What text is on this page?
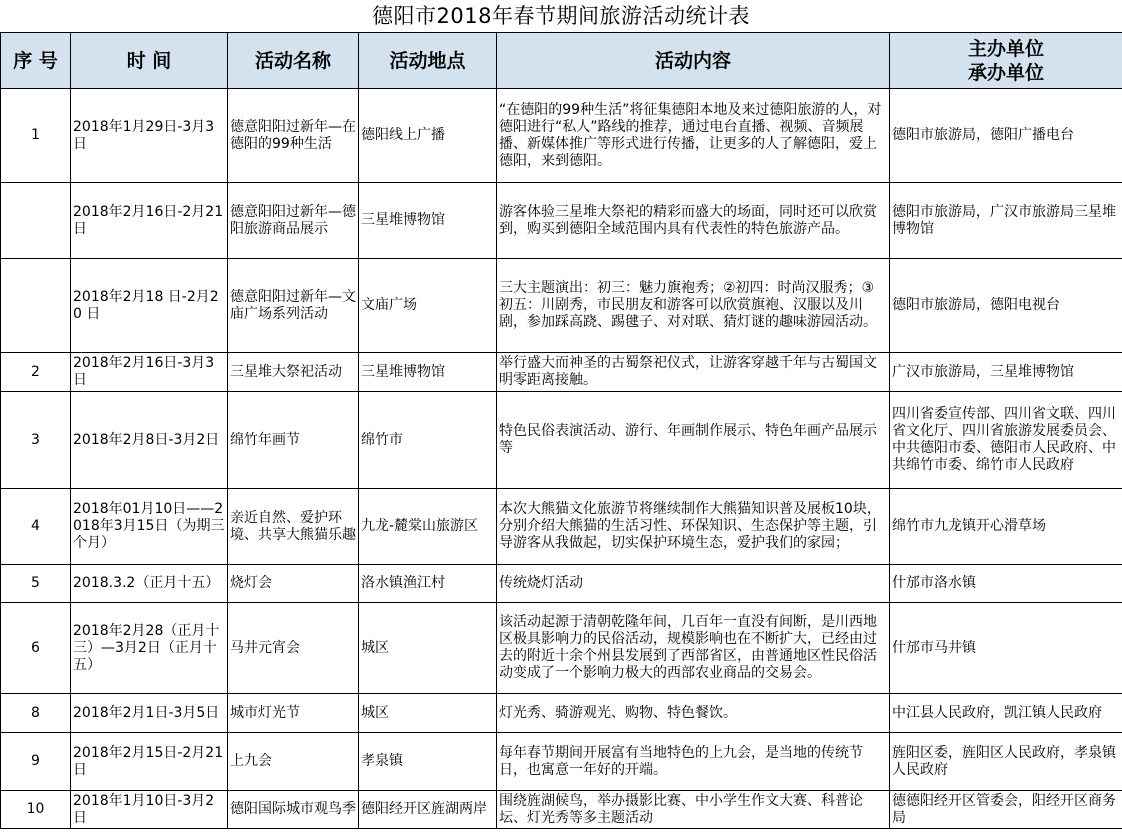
德阳市2018年春节期间旅游活动统计表
序 号	时 间	活动名称	活动地点	活动内容	主办单位
承办单位

1	2018年1月29日-3月3日	德意阳阳过新年—在德阳的99种生活	德阳线上广播	“在德阳的99种生活”将征集德阳本地及来过德阳旅游的人，对德阳进行“私人”路线的推荐，通过电台直播、视频、音频展播、新媒体推广等形式进行传播，让更多的人了解德阳，爱上德阳，来到德阳。	德阳市旅游局，德阳广播电台
	2018年2月16日-2月21日	德意阳阳过新年—德阳旅游商品展示	三星堆博物馆	游客体验三星堆大祭祀的精彩而盛大的场面，同时还可以欣赏到，购买到德阳全域范围内具有代表性的特色旅游产品。	德阳市旅游局，广汉市旅游局三星堆博物馆
	2018年2月18 日-2月20 日	德意阳阳过新年—文庙广场系列活动	文庙广场	三大主题演出：初三：魅力旗袍秀；②初四：时尚汉服秀；③初五：川剧秀，市民朋友和游客可以欣赏旗袍、汉服以及川剧，参加踩高跷、踢毽子、对对联、猜灯谜的趣味游园活动。	德阳市旅游局，德阳电视台
2	2018年2月16日-3月3日	三星堆大祭祀活动	三星堆博物馆	举行盛大而神圣的古蜀祭祀仪式，让游客穿越千年与古蜀国文明零距离接触。	广汉市旅游局，三星堆博物馆
3	2018年2月8日-3月2日	绵竹年画节	绵竹市	特色民俗表演活动、游行、年画制作展示、特色年画产品展示等	四川省委宣传部、四川省文联、四川省文化厅、四川省旅游发展委员会、中共德阳市委、德阳市人民政府、中共绵竹市委、绵竹市人民政府
4	2018年01月10日——2018年3月15日（为期三个月）	亲近自然、爱护环境、共享大熊猫乐趣	九龙-麓棠山旅游区	本次大熊猫文化旅游节将继续制作大熊猫知识普及展板10块，分别介绍大熊猫的生活习性、环保知识、生态保护等主题，引导游客从我做起，切实保护环境生态，爱护我们的家园；	绵竹市九龙镇开心滑草场
5	2018.3.2（正月十五）	烧灯会	洛水镇渔江村	传统烧灯活动	什邡市洛水镇
6	2018年2月28（正月十三）—3月2日（正月十五）	马井元宵会	城区	该活动起源于清朝乾隆年间，几百年一直没有间断，是川西地区极具影响力的民俗活动，规模影响也在不断扩大，已经由过去的附近十余个州县发展到了西部省区，由普通地区性民俗活动变成了一个影响力极大的西部农业商品的交易会。	什邡市马井镇
8	2018年2月1日-3月5日	城市灯光节	城区	灯光秀、骑游观光、购物、特色餐饮。	中江县人民政府，凯江镇人民政府
9	2018年2月15日-2月21日	上九会	孝泉镇	每年春节期间开展富有当地特色的上九会，是当地的传统节日，也寓意一年好的开端。	旌阳区委，旌阳区人民政府，孝泉镇人民政府
10	2018年1月10日-3月2日	德阳国际城市观鸟季	德阳经开区旌湖两岸	围绕旌湖候鸟，举办摄影比赛、中小学生作文大赛、科普论坛、灯光秀等多主题活动	德德阳经开区管委会，阳经开区商务局
